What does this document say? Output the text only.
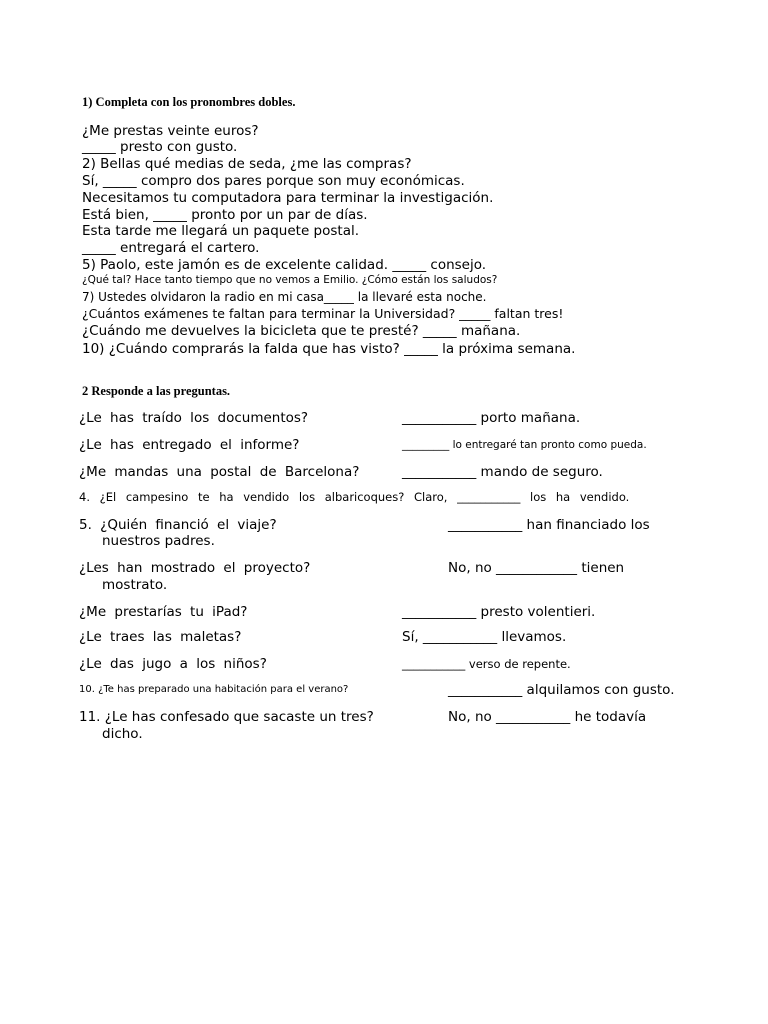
1) Completa con los pronombres dobles.
¿Me prestas veinte euros?
_____ presto con gusto.
2) Bellas qué medias de seda, ¿me las compras?
Sí, _____ compro dos pares porque son muy económicas.
Necesitamos tu computadora para terminar la investigación.
Está bien, _____ pronto por un par de días.
Esta tarde me llegará un paquete postal.
_____ entregará el cartero.
5) Paolo, este jamón es de excelente calidad. _____ consejo.
¿Qué tal? Hace tanto tiempo que no vemos a Emilio. ¿Cómo están los saludos?
7) Ustedes olvidaron la radio en mi casa_____ la llevaré esta noche.
¿Cuántos exámenes te faltan para terminar la Universidad? _____ faltan tres!
¿Cuándo me devuelves la bicicleta que te presté? _____ mañana.
10) ¿Cuándo comprarás la falda que has visto? _____ la próxima semana.
2 Responde a las preguntas.
¿Le has traído los documentos?	___________ porto mañana.
¿Le has entregado el informe?	_________ lo entregaré tan pronto como pueda.
¿Me mandas una postal de Barcelona?	___________ mando de seguro.
4. ¿El campesino te ha vendido los albaricoques? Claro, ___________ los ha vendido.
5. ¿Quién financió el viaje?	___________ han financiado los
nuestros padres.
¿Les han mostrado el proyecto?	No, no ____________ tienen
mostrato.
¿Me prestarías tu iPad?	___________ presto volentieri.
¿Le traes las maletas?	Sí, ___________ llevamos.
¿Le das jugo a los niños?	___________ verso de repente.
10. ¿Te has preparado una habitación para el verano?	___________ alquilamos con gusto.
11. ¿Le has confesado que sacaste un tres?	No, no ___________ he todavía
dicho.
